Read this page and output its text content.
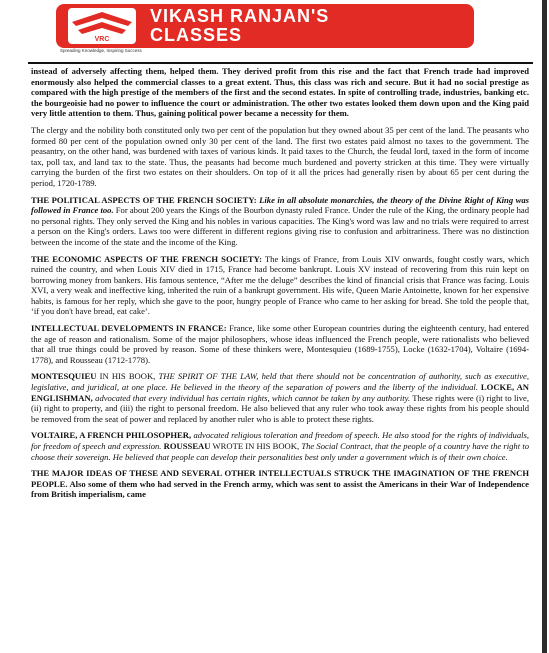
VRC
VIKASH RANJAN'S
CLASSES
Spreading Knowledge, Inspiring Success

instead of adversely affecting them, helped them. They derived profit from this rise and the fact that French trade had improved enormously also helped the commercial classes to a great extent. Thus, this class was rich and secure. But it had no social prestige as compared with the high prestige of the members of the first and the second estates. In spite of controlling trade, industries, banking etc. the bourgeoisie had no power to influence the court or administration. The other two estates looked them down upon and the King paid very little attention to them. Thus, gaining political power became a necessity for them.

The clergy and the nobility both constituted only two per cent of the population but they owned about 35 per cent of the land. The peasants who formed 80 per cent of the population owned only 30 per cent of the land. The first two estates paid almost no taxes to the government. The peasantry, on the other hand, was burdened with taxes of various kinds. It paid taxes to the Church, the feudal lord, taxed in the form of income tax, poll tax, and land tax to the state. Thus, the peasants had become much burdened and poverty stricken at this time. They were virtually carrying the burden of the first two estates on their shoulders. On top of it all the prices had generally risen by about 65 per cent during the period, 1720-1789.

THE POLITICAL ASPECTS OF THE FRENCH SOCIETY: Like in all absolute monarchies, the theory of the Divine Right of King was followed in France too. For about 200 years the Kings of the Bourbon dynasty ruled France. Under the rule of the King, the ordinary people had no personal rights. They only served the King and his nobles in various capacities. The King's word was law and no trials were required to arrest a person on the King's orders. Laws too were different in different regions giving rise to confusion and arbitrariness. There was no distinction between the income of the state and the income of the King.

THE ECONOMIC ASPECTS OF THE FRENCH SOCIETY: The kings of France, from Louis XIV onwards, fought costly wars, which ruined the country, and when Louis XIV died in 1715, France had become bankrupt. Louis XV instead of recovering from this ruin kept on borrowing money from bankers. His famous sentence, “After me the deluge” describes the kind of financial crisis that France was facing. Louis XVI, a very weak and ineffective king, inherited the ruin of a bankrupt government. His wife, Queen Marie Antoinette, known for her expensive habits, is famous for her reply, which she gave to the poor, hungry people of France who came to her asking for bread. She told the people that, ‘if you don't have bread, eat cake’.

INTELLECTUAL DEVELOPMENTS IN FRANCE: France, like some other European countries during the eighteenth century, had entered the age of reason and rationalism. Some of the major philosophers, whose ideas influenced the French people, were rationalists who believed that all true things could be proved by reason. Some of these thinkers were, Montesquieu (1689-1755), Locke (1632-1704), Voltaire (1694-1778), and Rousseau (1712-1778).

MONTESQUIEU IN HIS BOOK, THE SPIRIT OF THE LAW, held that there should not be concentration of authority, such as executive, legislative, and juridical, at one place. He believed in the theory of the separation of powers and the liberty of the individual. LOCKE, AN ENGLISHMAN, advocated that every individual has certain rights, which cannot be taken by any authority. These rights were (i) right to live, (ii) right to property, and (iii) the right to personal freedom. He also believed that any ruler who took away these rights from his people should be removed from the seat of power and replaced by another ruler who is able to protect these rights.

VOLTAIRE, A FRENCH PHILOSOPHER, advocated religious toleration and freedom of speech. He also stood for the rights of individuals, for freedom of speech and expression. ROUSSEAU WROTE IN HIS BOOK, The Social Contract, that the people of a country have the right to choose their sovereign. He believed that people can develop their personalities best only under a government which is of their own choice.

THE MAJOR IDEAS OF THESE AND SEVERAL OTHER INTELLECTUALS STRUCK THE IMAGINATION OF THE FRENCH PEOPLE. Also some of them who had served in the French army, which was sent to assist the Americans in their War of Independence from British imperialism, came
